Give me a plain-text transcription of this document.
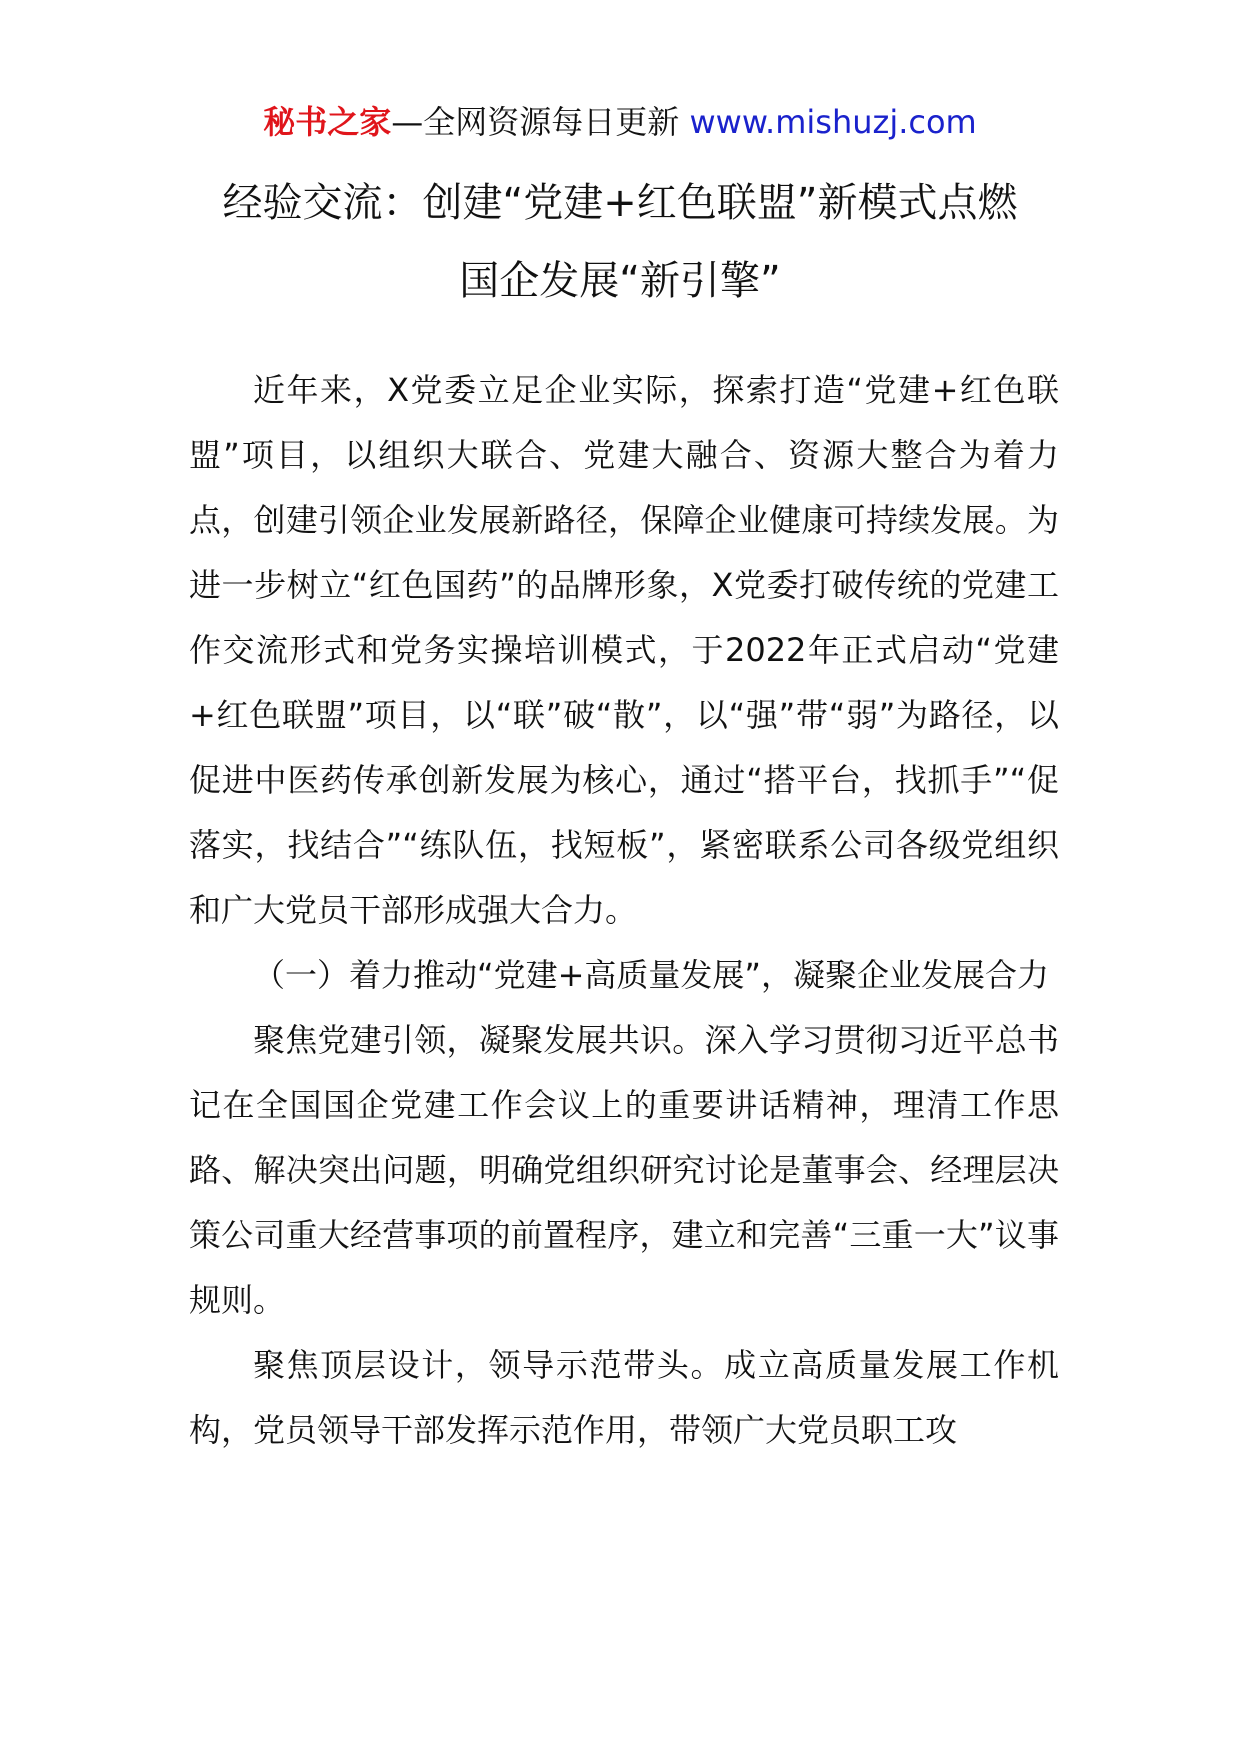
秘书之家—全网资源每日更新 www.mishuzj.com
经验交流：创建“党建+红色联盟”新模式点燃
国企发展“新引擎”

近年来，X党委立足企业实际，探索打造“党建+红色联盟”项目，以组织大联合、党建大融合、资源大整合为着力点，创建引领企业发展新路径，保障企业健康可持续发展。为进一步树立“红色国药”的品牌形象，X党委打破传统的党建工作交流形式和党务实操培训模式，于2022年正式启动“党建+红色联盟”项目，以“联”破“散”，以“强”带“弱”为路径，以促进中医药传承创新发展为核心，通过“搭平台，找抓手”“促落实，找结合”“练队伍，找短板”，紧密联系公司各级党组织和广大党员干部形成强大合力。

（一）着力推动“党建+高质量发展”，凝聚企业发展合力

聚焦党建引领，凝聚发展共识。深入学习贯彻习近平总书记在全国国企党建工作会议上的重要讲话精神，理清工作思路、解决突出问题，明确党组织研究讨论是董事会、经理层决策公司重大经营事项的前置程序，建立和完善“三重一大”议事规则。

聚焦顶层设计，领导示范带头。成立高质量发展工作机构，党员领导干部发挥示范作用，带领广大党员职工攻
